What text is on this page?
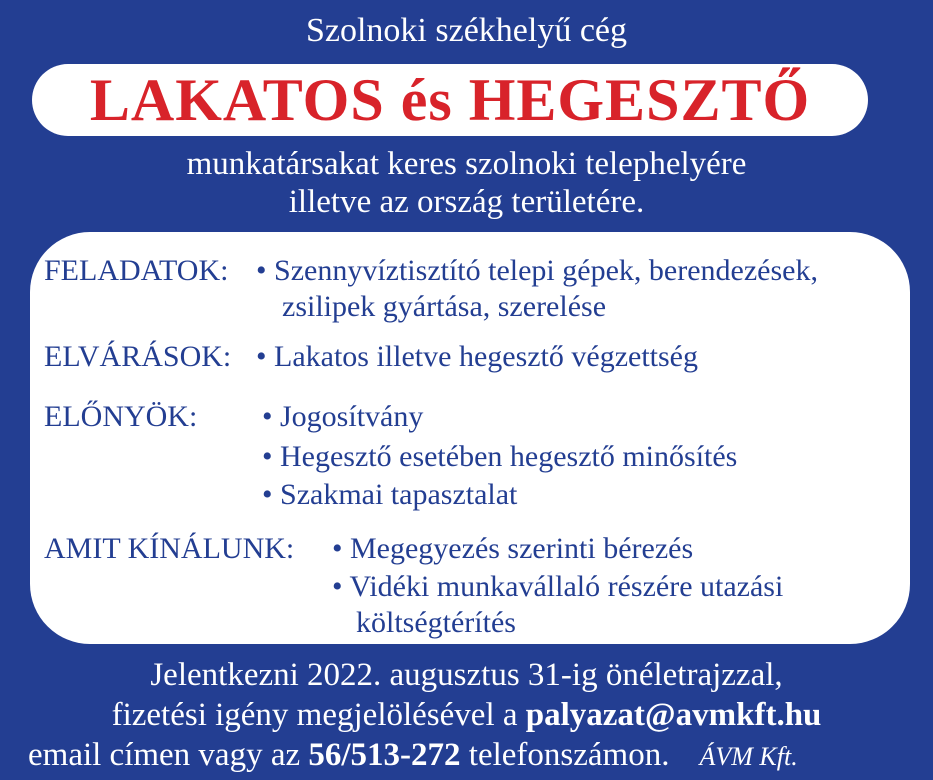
Szolnoki székhelyű cég
LAKATOS és HEGESZTŐ
munkatársakat keres szolnoki telephelyére
illetve az ország területére.
FELADATOK: • Szennyvíztisztító telepi gépek, berendezések,
zsilipek gyártása, szerelése
ELVÁRÁSOK: • Lakatos illetve hegesztő végzettség
ELŐNYÖK: • Jogosítvány
• Hegesztő esetében hegesztő minősítés
• Szakmai tapasztalat
AMIT KÍNÁLUNK: • Megegyezés szerinti bérezés
• Vidéki munkavállaló részére utazási
költségtérítés
Jelentkezni 2022. augusztus 31-ig önéletrajzzal,
fizetési igény megjelölésével a palyazat@avmkft.hu
email címen vagy az 56/513-272 telefonszámon. ÁVM Kft.
